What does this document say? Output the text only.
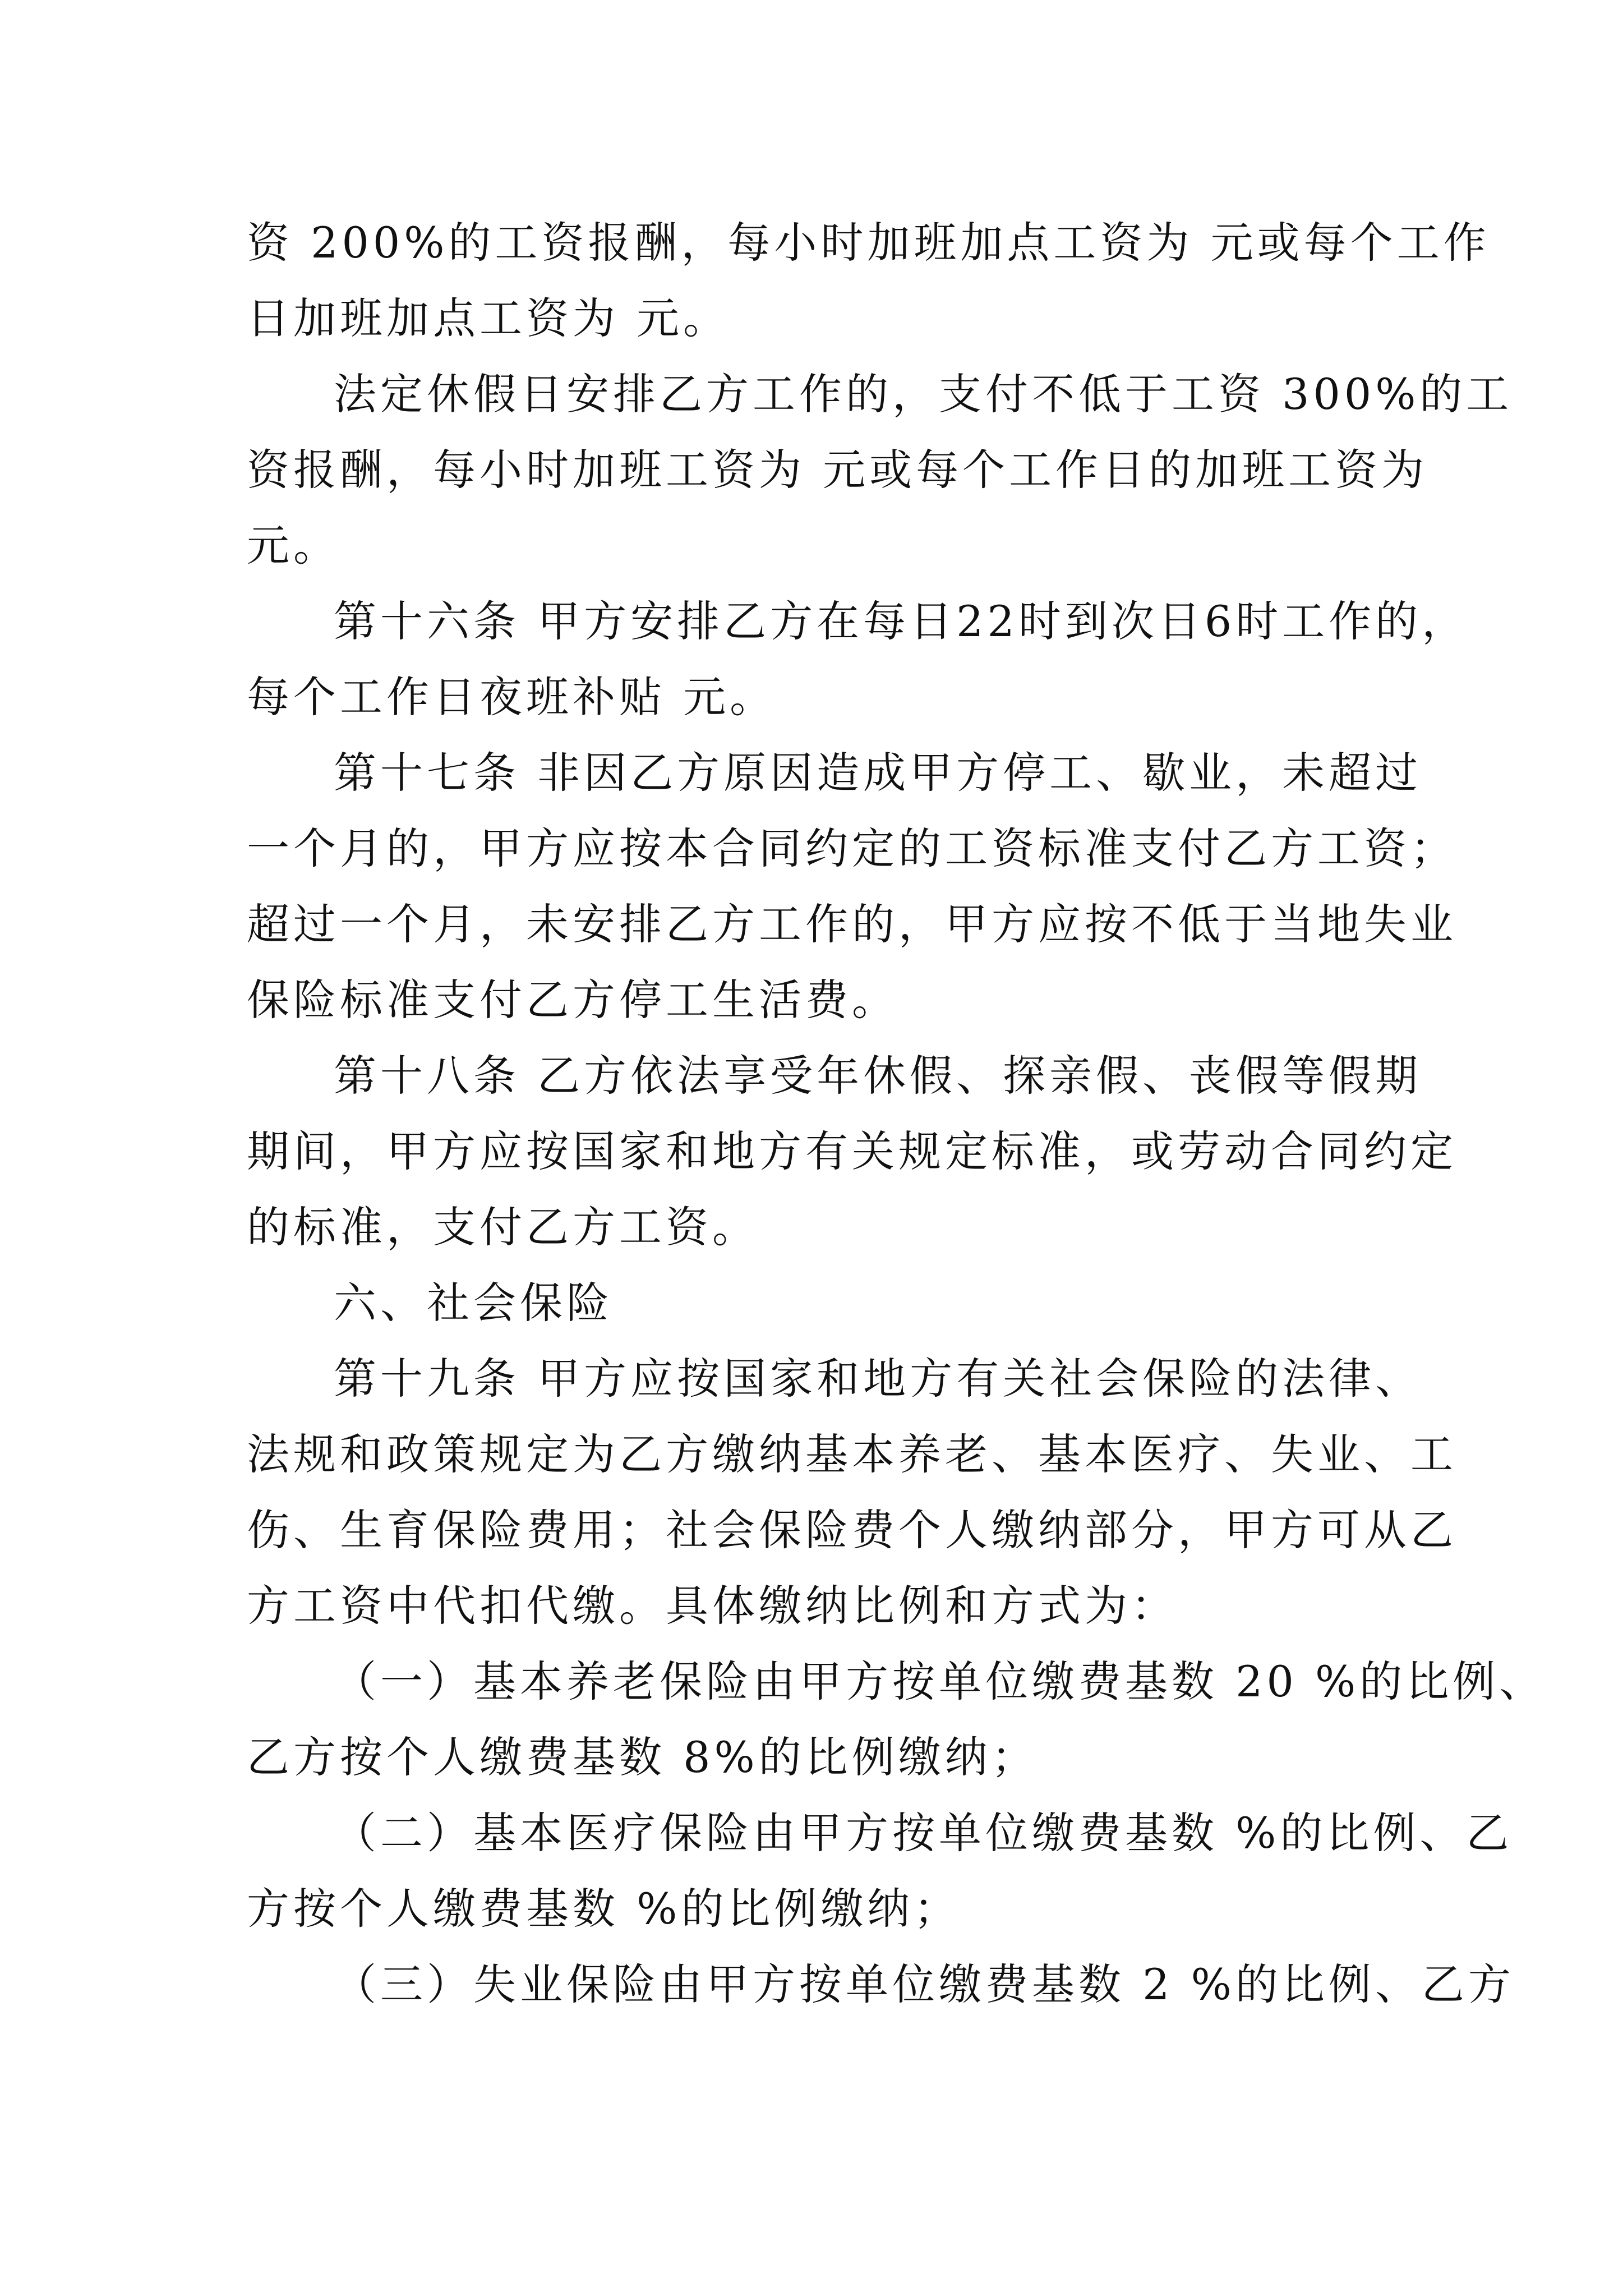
资 200%的工资报酬，每小时加班加点工资为 元或每个工作
日加班加点工资为 元。
法定休假日安排乙方工作的，支付不低于工资 300%的工
资报酬，每小时加班工资为 元或每个工作日的加班工资为
元。
第十六条 甲方安排乙方在每日22时到次日6时工作的，
每个工作日夜班补贴 元。
第十七条 非因乙方原因造成甲方停工、歇业，未超过
一个月的，甲方应按本合同约定的工资标准支付乙方工资；
超过一个月，未安排乙方工作的，甲方应按不低于当地失业
保险标准支付乙方停工生活费。
第十八条 乙方依法享受年休假、探亲假、丧假等假期
期间，甲方应按国家和地方有关规定标准，或劳动合同约定
的标准，支付乙方工资。
六、社会保险
第十九条 甲方应按国家和地方有关社会保险的法律、
法规和政策规定为乙方缴纳基本养老、基本医疗、失业、工
伤、生育保险费用；社会保险费个人缴纳部分，甲方可从乙
方工资中代扣代缴。具体缴纳比例和方式为：
（一）基本养老保险由甲方按单位缴费基数 20 %的比例、
乙方按个人缴费基数 8%的比例缴纳；
（二）基本医疗保险由甲方按单位缴费基数 %的比例、乙
方按个人缴费基数 %的比例缴纳；
（三）失业保险由甲方按单位缴费基数 2 %的比例、乙方
